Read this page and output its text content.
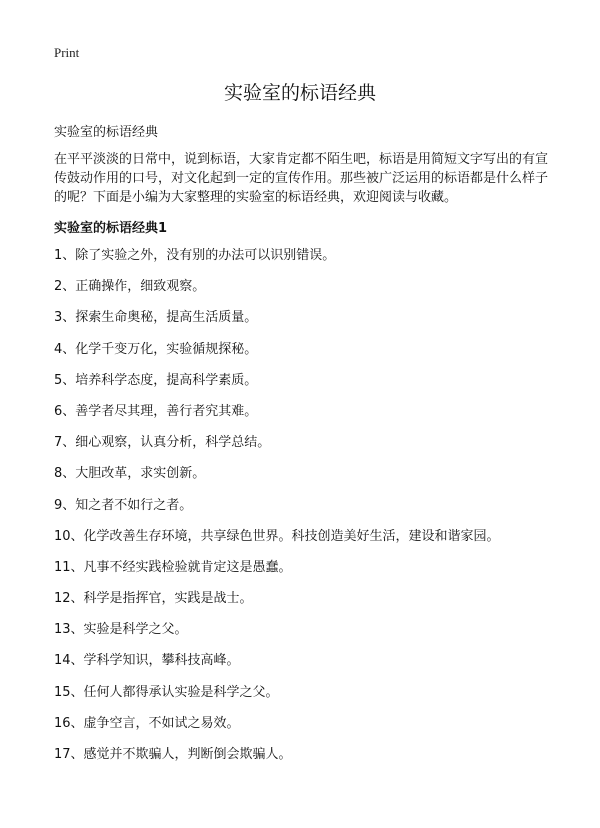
Print
实验室的标语经典
实验室的标语经典

在平平淡淡的日常中，说到标语，大家肯定都不陌生吧，标语是用简短文字写出的有宣传鼓动作用的口号，对文化起到一定的宣传作用。那些被广泛运用的标语都是什么样子的呢？下面是小编为大家整理的实验室的标语经典，欢迎阅读与收藏。

实验室的标语经典1
1、除了实验之外，没有别的办法可以识别错误。
2、正确操作，细致观察。
3、探索生命奥秘，提高生活质量。
4、化学千变万化，实验循规探秘。
5、培养科学态度，提高科学素质。
6、善学者尽其理，善行者究其难。
7、细心观察，认真分析，科学总结。
8、大胆改革，求实创新。
9、知之者不如行之者。
10、化学改善生存环境，共享绿色世界。科技创造美好生活，建设和谐家园。
11、凡事不经实践检验就肯定这是愚蠢。
12、科学是指挥官，实践是战士。
13、实验是科学之父。
14、学科学知识，攀科技高峰。
15、任何人都得承认实验是科学之父。
16、虚争空言，不如试之易效。
17、感觉并不欺骗人，判断倒会欺骗人。
